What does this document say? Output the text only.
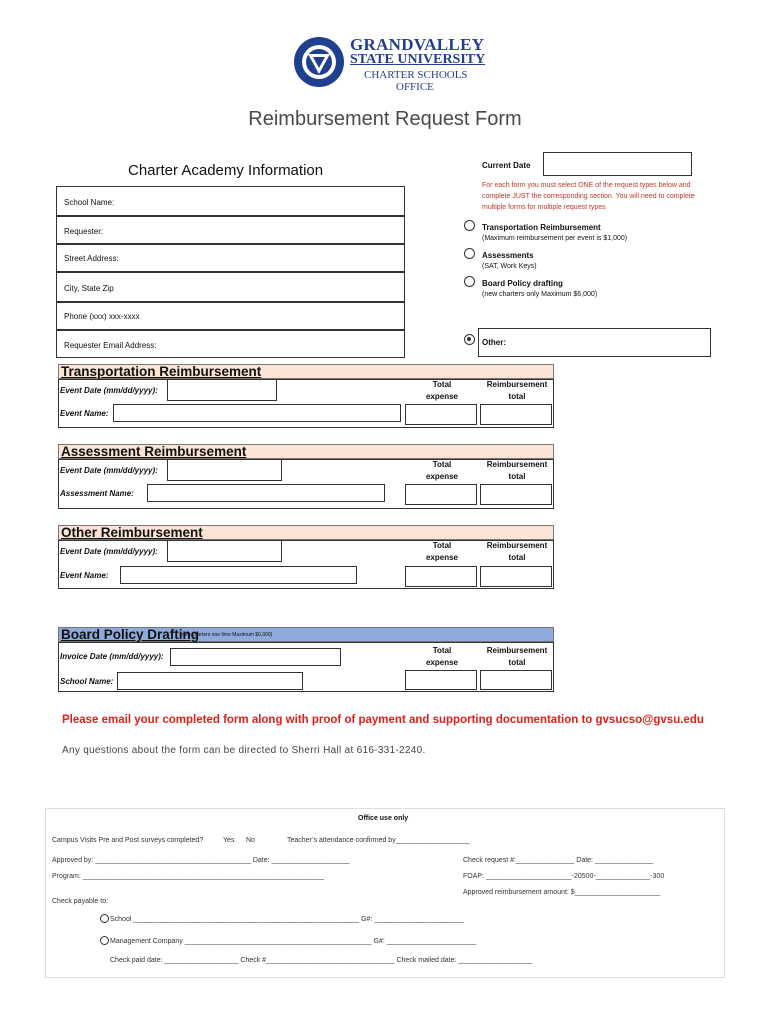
GRANDVALLEY
STATE UNIVERSITY
CHARTER SCHOOLS
OFFICE
Reimbursement Request Form
Charter Academy Information
School Name:
Requester:
Street Address:
City, State Zip
Phone (xxx) xxx-xxxx
Requester Email Address:
Current Date
For each form you must select ONE of the request types below and
complete JUST the corresponding section. You will need to complete
multiple forms for multiple request types
Transportation Reimbursement
(Maximum reimbursement per event is $1,000)
Assessments
(SAT, Work Keys)
Board Policy drafting
(new charters only Maximum $6,000)
Other:
Transportation Reimbursement
Event Date (mm/dd/yyyy):
Event Name:
Total
expense
Reimbursement
total
Assessment Reimbursement
Event Date (mm/dd/yyyy):
Assessment Name:
Total
expense
Reimbursement
total
Other Reimbursement
Event Date (mm/dd/yyyy):
Event Name:
Total
expense
Reimbursement
total
Board Policy Drafting
(new charters one time Maximum $6,000)
Invoice Date (mm/dd/yyyy):
School Name:
Total
expense
Reimbursement
total
Please email your completed form along with proof of payment and supporting documentation to gvsucso@gvsu.edu
Any questions about the form can be directed to Sherri Hall at 616-331-2240.
Office use only
Campus Visits Pre and Post surveys completed?	Yes No	Teacher’s attendance confirmed by___________________
Approved by: ________________________________________ Date: ____________________	Check request #:_______________ Date: _______________
Program: ______________________________________________________________	FOAP: ______________________-20500-______________-300
Approved reimbursement amount: $______________________
Check payable to:
School __________________________________________________________ G#: _______________________
Management Company ________________________________________________ G#: _______________________
Check paid date: ___________________ Check #_________________________________ Check mailed date: ___________________
